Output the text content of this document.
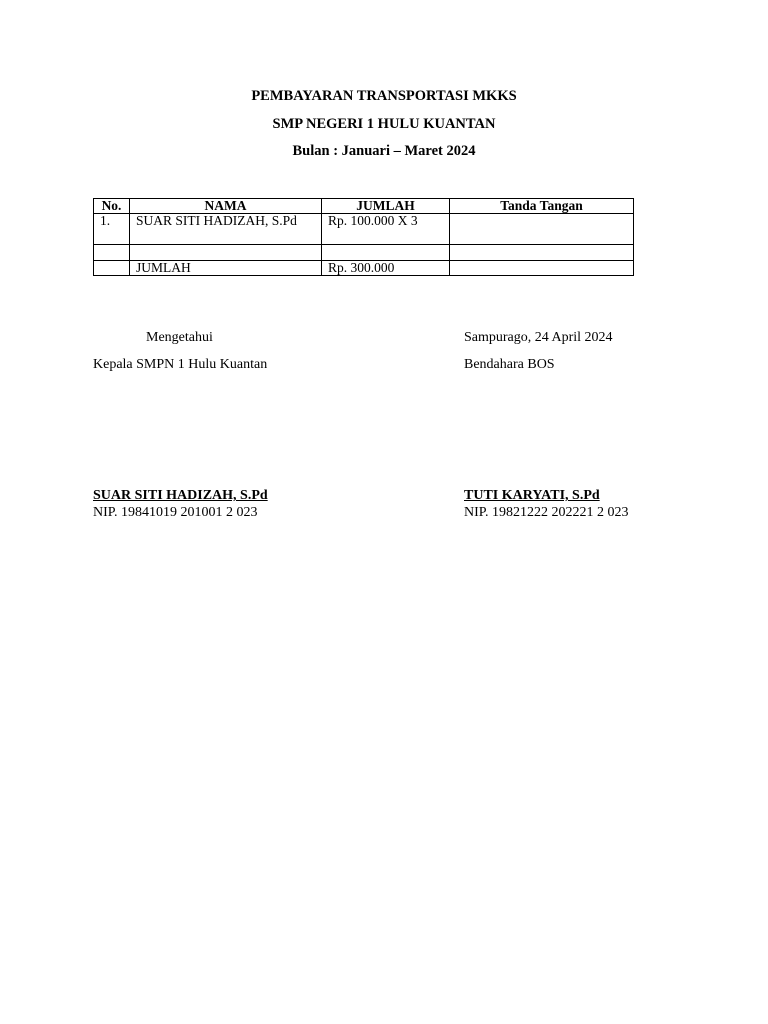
PEMBAYARAN TRANSPORTASI MKKS
SMP NEGERI 1 HULU KUANTAN
Bulan : Januari – Maret 2024
No.	NAMA	JUMLAH	Tanda Tangan
1.	SUAR SITI HADIZAH, S.Pd	Rp. 100.000 X 3	

	JUMLAH	Rp. 300.000	
Mengetahui	Sampurago, 24 April 2024
Kepala SMPN 1 Hulu Kuantan	Bendahara BOS
SUAR SITI HADIZAH, S.Pd	TUTI KARYATI, S.Pd
NIP. 19841019 201001 2 023	NIP. 19821222 202221 2 023
